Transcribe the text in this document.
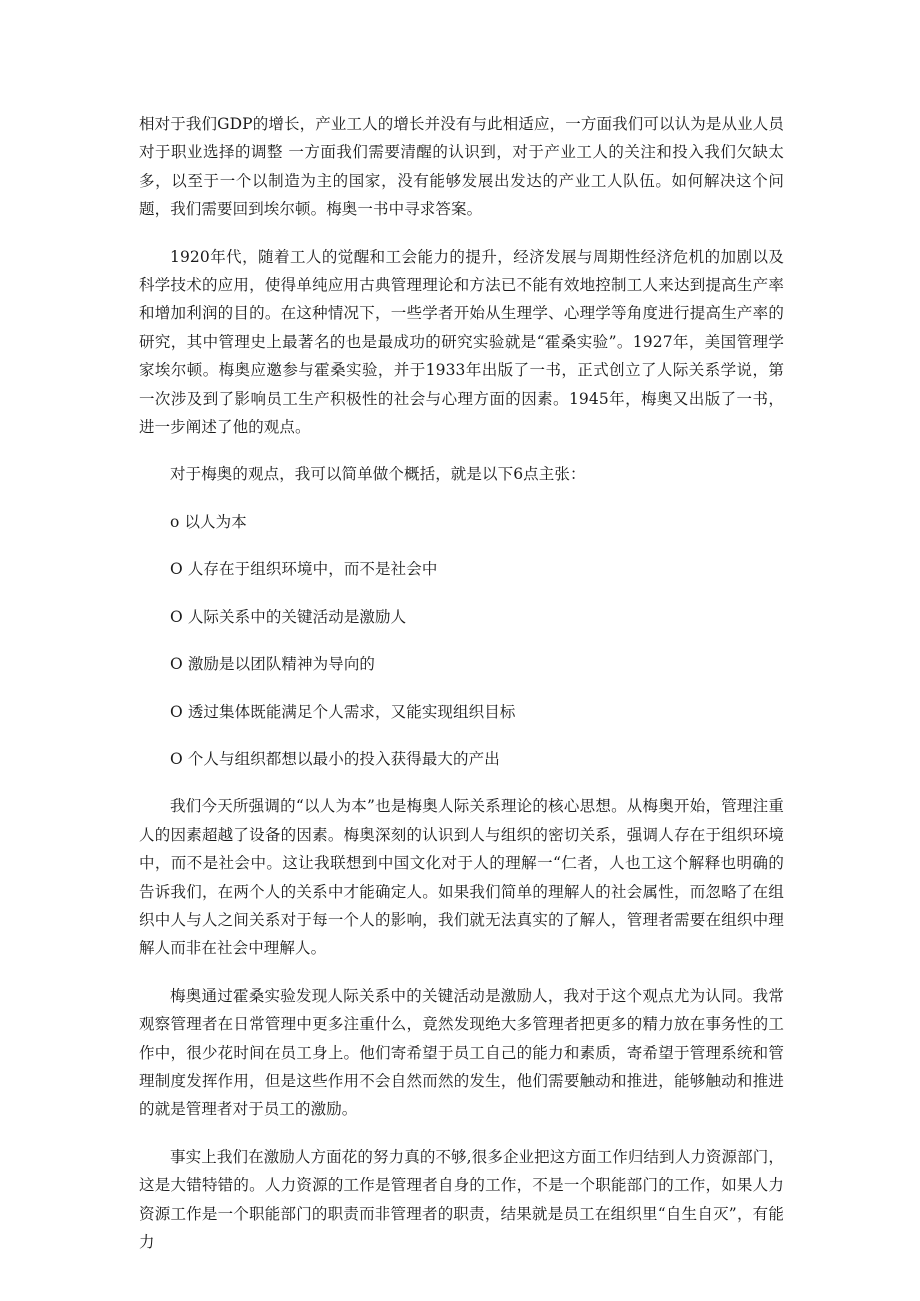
相对于我们GDP的增长，产业工人的增长并没有与此相适应，一方面我们可以认为是从业人员对于职业选择的调整 一方面我们需要清醒的认识到，对于产业工人的关注和投入我们欠缺太多，以至于一个以制造为主的国家，没有能够发展出发达的产业工人队伍。如何解决这个问题，我们需要回到埃尔顿。梅奥一书中寻求答案。

1920年代，随着工人的觉醒和工会能力的提升，经济发展与周期性经济危机的加剧以及科学技术的应用，使得单纯应用古典管理理论和方法已不能有效地控制工人来达到提高生产率和增加利润的目的。在这种情况下，一些学者开始从生理学、心理学等角度进行提高生产率的研究，其中管理史上最著名的也是最成功的研究实验就是“霍桑实验”。1927年，美国管理学家埃尔顿。梅奥应邀参与霍桑实验，并于1933年出版了一书，正式创立了人际关系学说，第一次涉及到了影响员工生产积极性的社会与心理方面的因素。1945年，梅奥又出版了一书，进一步阐述了他的观点。

对于梅奥的观点，我可以简单做个概括，就是以下6点主张：

o 以人为本
O 人存在于组织环境中，而不是社会中
O 人际关系中的关键活动是激励人
O 激励是以团队精神为导向的
O 透过集体既能满足个人需求，又能实现组织目标
O 个人与组织都想以最小的投入获得最大的产出

我们今天所强调的“以人为本”也是梅奥人际关系理论的核心思想。从梅奥开始，管理注重人的因素超越了设备的因素。梅奥深刻的认识到人与组织的密切关系，强调人存在于组织环境中，而不是社会中。这让我联想到中国文化对于人的理解一“仁者，人也工这个解释也明确的告诉我们，在两个人的关系中才能确定人。如果我们简单的理解人的社会属性，而忽略了在组织中人与人之间关系对于每一个人的影响，我们就无法真实的了解人，管理者需要在组织中理解人而非在社会中理解人。

梅奥通过霍桑实验发现人际关系中的关键活动是激励人，我对于这个观点尤为认同。我常观察管理者在日常管理中更多注重什么，竟然发现绝大多管理者把更多的精力放在事务性的工作中，很少花时间在员工身上。他们寄希望于员工自己的能力和素质，寄希望于管理系统和管理制度发挥作用，但是这些作用不会自然而然的发生，他们需要触动和推进，能够触动和推进的就是管理者对于员工的激励。

事实上我们在激励人方面花的努力真的不够,很多企业把这方面工作归结到人力资源部门，这是大错特错的。人力资源的工作是管理者自身的工作，不是一个职能部门的工作，如果人力资源工作是一个职能部门的职责而非管理者的职责，结果就是员工在组织里“自生自灭”，有能力
